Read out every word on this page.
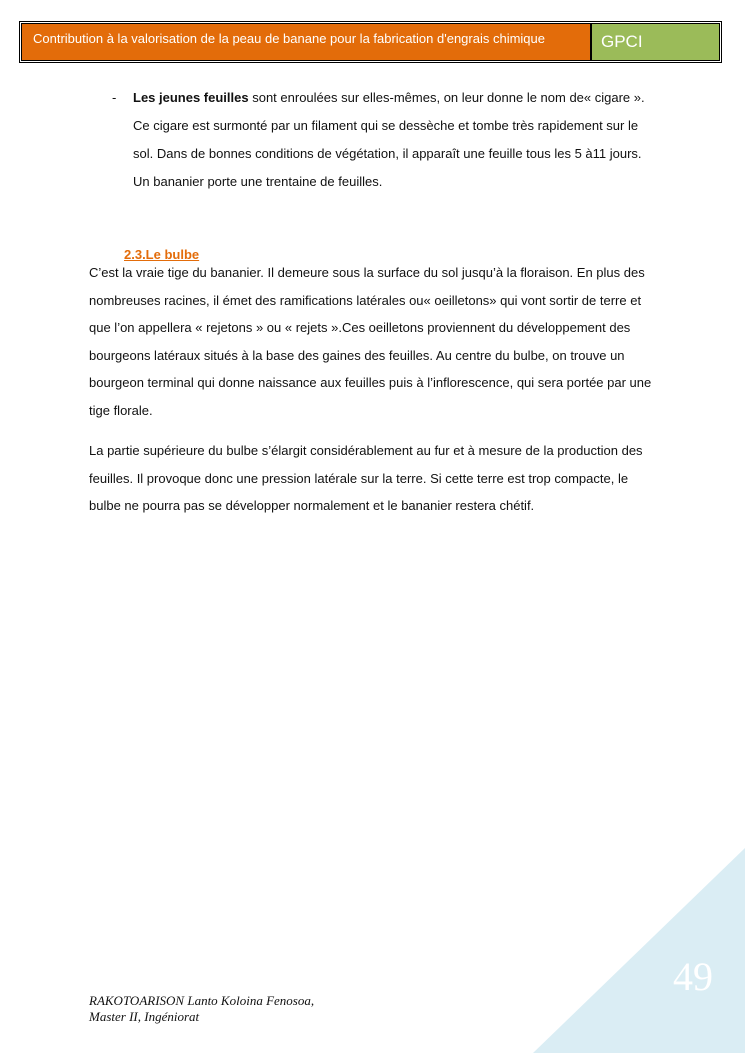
Contribution à la valorisation de la peau de banane pour la fabrication d'engrais chimique	GPCI
- Les jeunes feuilles sont enroulées sur elles-mêmes, on leur donne le nom de« cigare ». Ce cigare est surmonté par un filament qui se dessèche et tombe très rapidement sur le sol. Dans de bonnes conditions de végétation, il apparaît une feuille tous les 5 à11 jours. Un bananier porte une trentaine de feuilles.
2.3.Le bulbe

C’est la vraie tige du bananier. Il demeure sous la surface du sol jusqu’à la floraison. En plus des nombreuses racines, il émet des ramifications latérales ou« oeilletons» qui vont sortir de terre et que l’on appellera « rejetons » ou « rejets ».Ces oeilletons proviennent du développement des bourgeons latéraux situés à la base des gaines des feuilles. Au centre du bulbe, on trouve un bourgeon terminal qui donne naissance aux feuilles puis à l’inflorescence, qui sera portée par une tige florale.

La partie supérieure du bulbe s’élargit considérablement au fur et à mesure de la production des feuilles. Il provoque donc une pression latérale sur la terre. Si cette terre est trop compacte, le bulbe ne pourra pas se développer normalement et le bananier restera chétif.

49
RAKOTOARISON Lanto Koloina Fenosoa,
Master II, Ingéniorat
